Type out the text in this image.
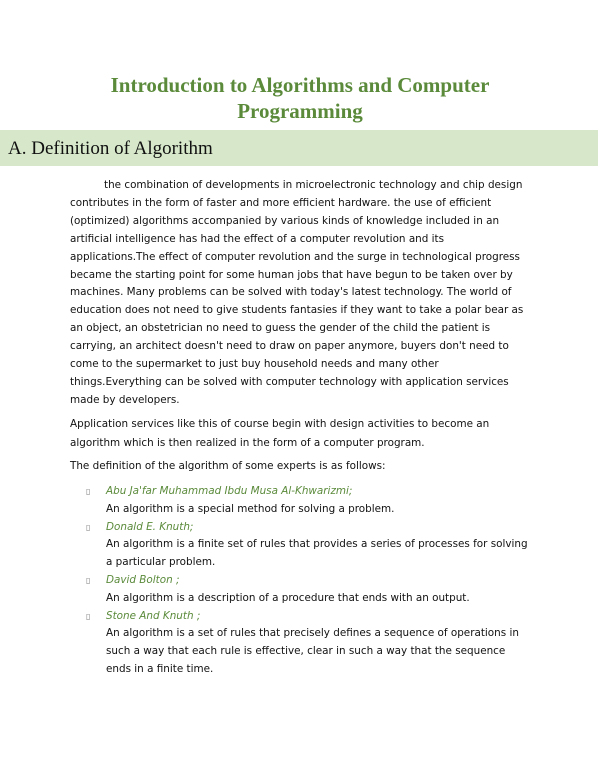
Introduction to Algorithms and Computer Programming
A. Definition of Algorithm

the combination of developments in microelectronic technology and chip design contributes in the form of faster and more efficient hardware. the use of efficient (optimized) algorithms accompanied by various kinds of knowledge included in an artificial intelligence has had the effect of a computer revolution and its applications.The effect of computer revolution and the surge in technological progress became the starting point for some human jobs that have begun to be taken over by machines. Many problems can be solved with today's latest technology. The world of education does not need to give students fantasies if they want to take a polar bear as an object, an obstetrician no need to guess the gender of the child the patient is carrying, an architect doesn't need to draw on paper anymore, buyers don't need to come to the supermarket to just buy household needs and many other things.Everything can be solved with computer technology with application services made by developers.

Application services like this of course begin with design activities to become an algorithm which is then realized in the form of a computer program.

The definition of the algorithm of some experts is as follows:

▯ Abu Ja'far Muhammad Ibdu Musa Al-Khwarizmi;
An algorithm is a special method for solving a problem.
▯ Donald E. Knuth;
An algorithm is a finite set of rules that provides a series of processes for solving a particular problem.
▯ David Bolton ;
An algorithm is a description of a procedure that ends with an output.
▯ Stone And Knuth ;
An algorithm is a set of rules that precisely defines a sequence of operations in such a way that each rule is effective, clear in such a way that the sequence ends in a finite time.
